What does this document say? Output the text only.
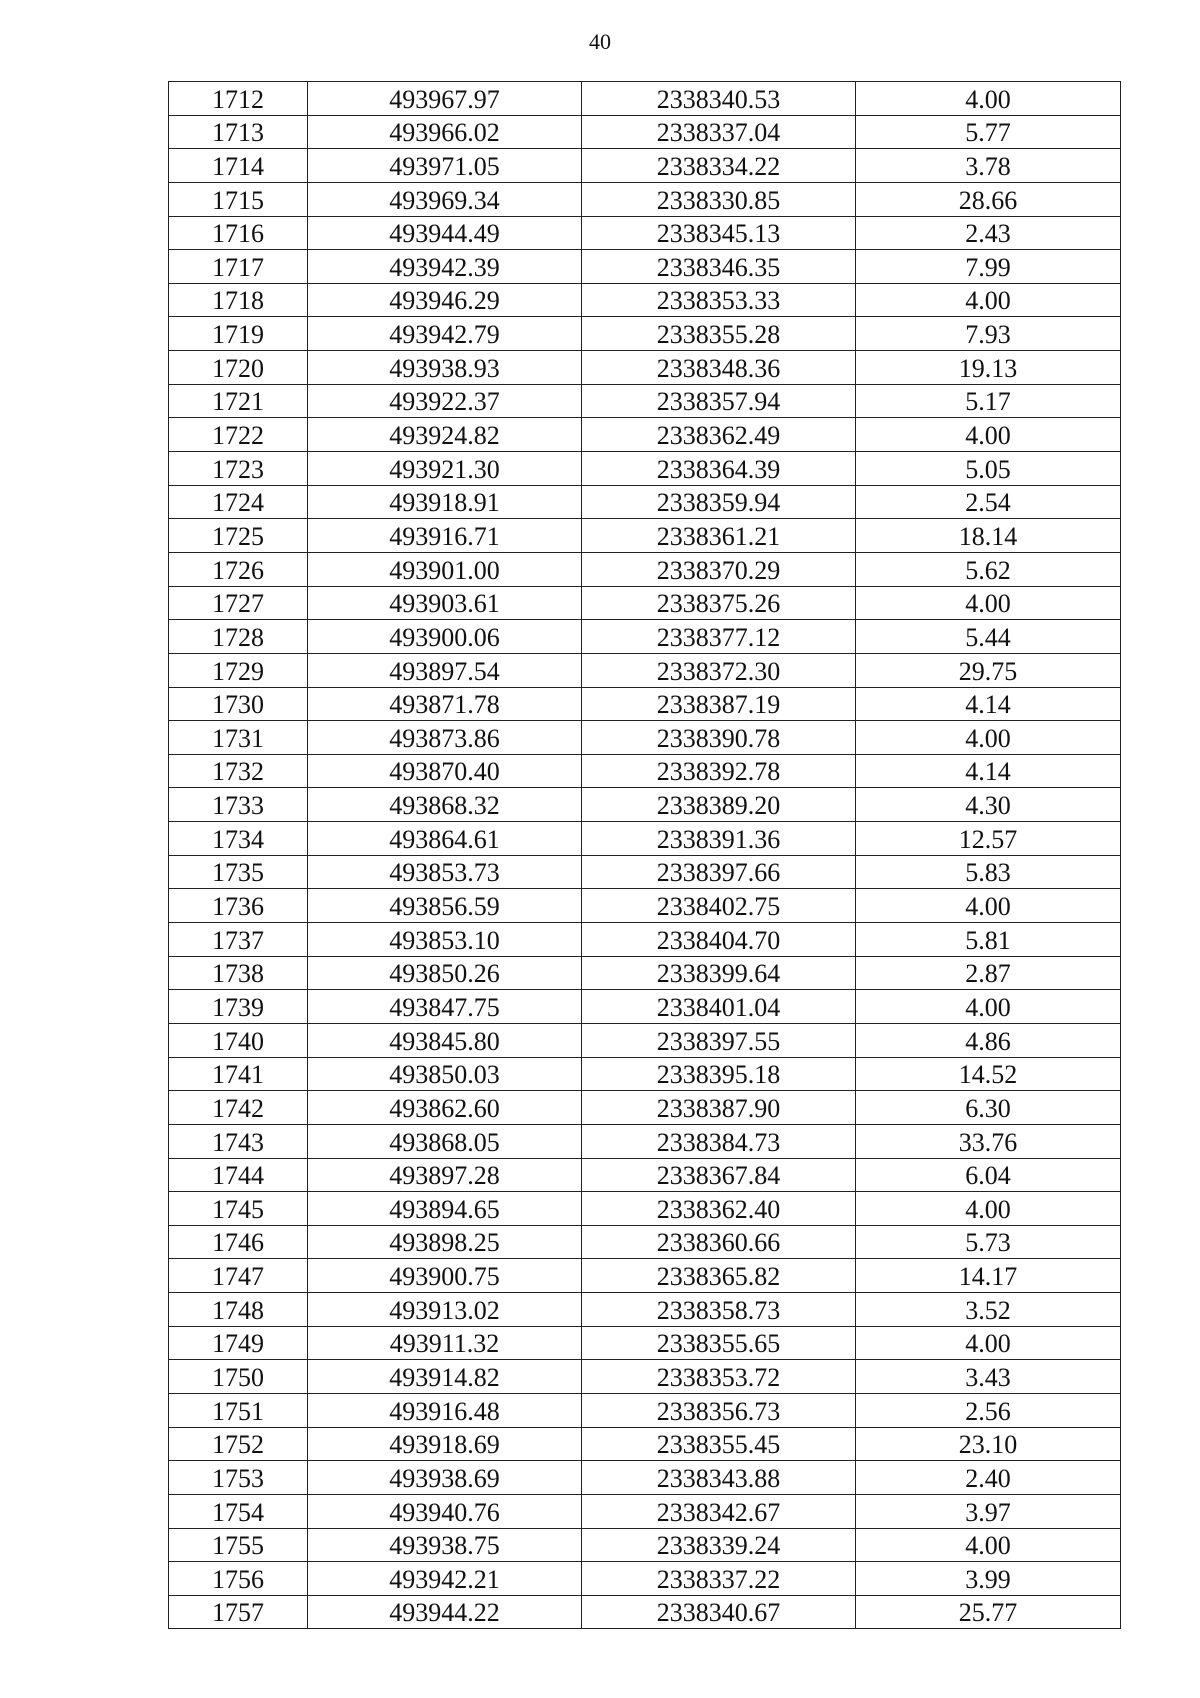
40
1712	493967.97	2338340.53	4.00
1713	493966.02	2338337.04	5.77
1714	493971.05	2338334.22	3.78
1715	493969.34	2338330.85	28.66
1716	493944.49	2338345.13	2.43
1717	493942.39	2338346.35	7.99
1718	493946.29	2338353.33	4.00
1719	493942.79	2338355.28	7.93
1720	493938.93	2338348.36	19.13
1721	493922.37	2338357.94	5.17
1722	493924.82	2338362.49	4.00
1723	493921.30	2338364.39	5.05
1724	493918.91	2338359.94	2.54
1725	493916.71	2338361.21	18.14
1726	493901.00	2338370.29	5.62
1727	493903.61	2338375.26	4.00
1728	493900.06	2338377.12	5.44
1729	493897.54	2338372.30	29.75
1730	493871.78	2338387.19	4.14
1731	493873.86	2338390.78	4.00
1732	493870.40	2338392.78	4.14
1733	493868.32	2338389.20	4.30
1734	493864.61	2338391.36	12.57
1735	493853.73	2338397.66	5.83
1736	493856.59	2338402.75	4.00
1737	493853.10	2338404.70	5.81
1738	493850.26	2338399.64	2.87
1739	493847.75	2338401.04	4.00
1740	493845.80	2338397.55	4.86
1741	493850.03	2338395.18	14.52
1742	493862.60	2338387.90	6.30
1743	493868.05	2338384.73	33.76
1744	493897.28	2338367.84	6.04
1745	493894.65	2338362.40	4.00
1746	493898.25	2338360.66	5.73
1747	493900.75	2338365.82	14.17
1748	493913.02	2338358.73	3.52
1749	493911.32	2338355.65	4.00
1750	493914.82	2338353.72	3.43
1751	493916.48	2338356.73	2.56
1752	493918.69	2338355.45	23.10
1753	493938.69	2338343.88	2.40
1754	493940.76	2338342.67	3.97
1755	493938.75	2338339.24	4.00
1756	493942.21	2338337.22	3.99
1757	493944.22	2338340.67	25.77
